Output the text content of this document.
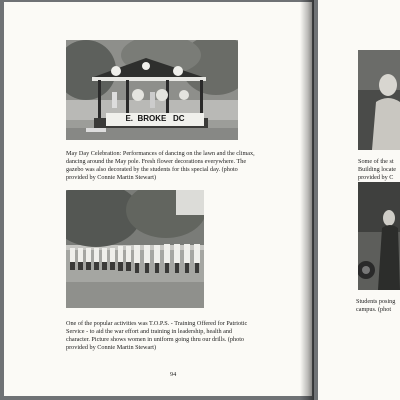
E.  BROKE   DC
May Day Celebration: Performances of dancing on the lawn and the climax,
dancing around the May pole. Fresh flower decorations everywhere. The
gazebo was also decorated by the students for this special day. (photo
provided by Connie Martin Stewart)
One of the popular activities was T.O.P.S. - Training Offered for Patriotic
Service - to aid the war effort and training in leadership, health and
character. Picture shows women in uniform going thru our drills. (photo
provided by Connie Martin Stewart)
94
Some of the st
Building locate
provided by C
Students posing
campus. (phot
